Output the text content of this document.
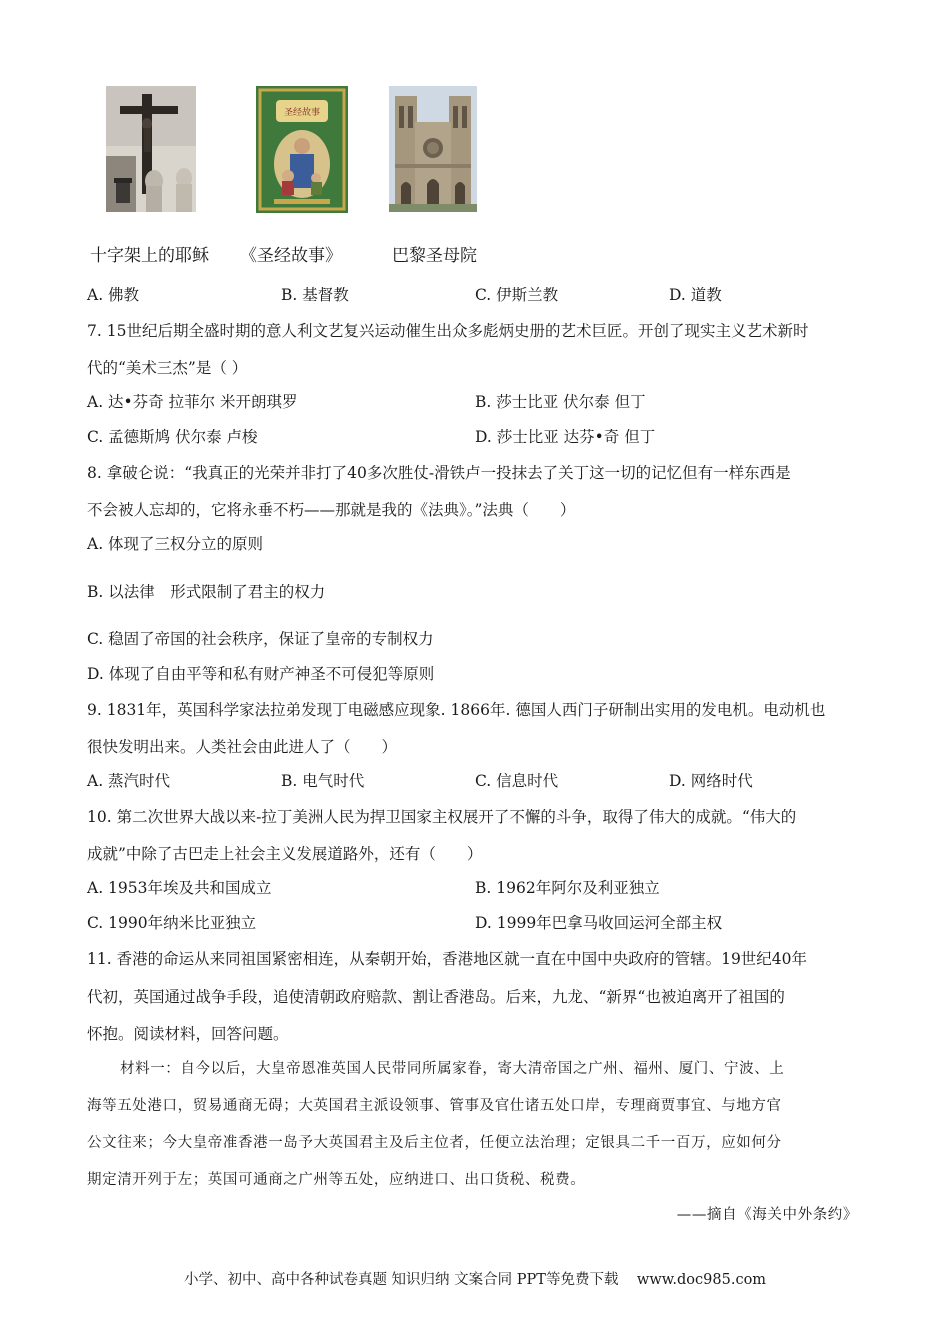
圣经故事
十字架上的耶稣 《圣经故事》	巴黎圣母院
A. 佛教	B. 基督教	C. 伊斯兰教	D. 道教
7. 15世纪后期全盛时期的意人利文艺复兴运动催生出众多彪炳史册的艺术巨匠。开创了现实主义艺术新时
代的“美术三杰”是（ ）
A. 达•芬奇 拉菲尔 米开朗琪罗	B. 莎士比亚 伏尔泰 但丁
C. 孟德斯鸠 伏尔泰 卢梭	D. 莎士比亚 达芬•奇 但丁
8. 拿破仑说：“我真正的光荣并非打了40多次胜仗-滑铁卢一投抹去了关丁这一切的记忆但有一样东西是
不会被人忘却的，它将永垂不朽——那就是我的《法典》。”法典（　　）
A. 体现了三权分立的原则
B. 以法律　形式限制了君主的权力
C. 稳固了帝国的社会秩序，保证了皇帝的专制权力
D. 体现了自由平等和私有财产神圣不可侵犯等原则
9. 1831年，英国科学家法拉弟发现丁电磁感应现象. 1866年. 德国人西门子研制出实用的发电机。电动机也
很快发明出来。人类社会由此进人了（　　）
A. 蒸汽时代	B. 电气时代	C. 信息时代	D. 网络时代
10. 第二次世界大战以来-拉丁美洲人民为捍卫国家主权展开了不懈的斗争，取得了伟大的成就。“伟大的
成就”中除了古巴走上社会主义发展道路外，还有（　　）
A. 1953年埃及共和国成立	B. 1962年阿尔及利亚独立
C. 1990年纳米比亚独立	D. 1999年巴拿马收回运河全部主权
11. 香港的命运从来同祖国紧密相连，从秦朝开始，香港地区就一直在中国中央政府的管辖。19世纪40年
代初，英国通过战争手段，追使清朝政府赔款、割让香港岛。后来，九龙、“新界“也被迫离开了祖国的
怀抱。阅读材料，回答问题。
材料一：自今以后，大皇帝恩准英国人民带同所属家眷，寄大清帝国之广州、福州、厦门、宁波、上
海等五处港口，贸易通商无碍；大英国君主派设领事、管事及官仕诸五处口岸，专理商贾事宜、与地方官
公文往来；今大皇帝准香港一岛予大英国君主及后主位者，任便立法治理；定银具二千一百万，应如何分
期定清开列于左；英国可通商之广州等五处，应纳进口、出口货税、税费。
——摘自《海关中外条约》
小学、初中、高中各种试卷真题 知识归纳 文案合同 PPT等免费下载 www.doc985.com
